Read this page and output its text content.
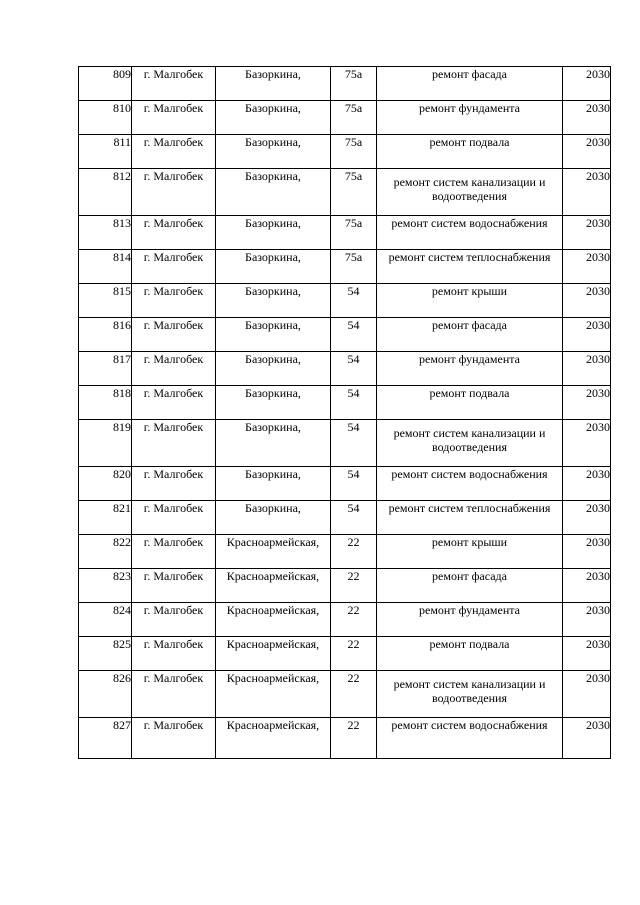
809	г. Малгобек	Базоркина,	75а	ремонт фасада	2030
810	г. Малгобек	Базоркина,	75а	ремонт фундамента	2030
811	г. Малгобек	Базоркина,	75а	ремонт подвала	2030
812	г. Малгобек	Базоркина,	75а	ремонт систем канализации и водоотведения	2030
813	г. Малгобек	Базоркина,	75а	ремонт систем водоснабжения	2030
814	г. Малгобек	Базоркина,	75а	ремонт систем теплоснабжения	2030
815	г. Малгобек	Базоркина,	54	ремонт крыши	2030
816	г. Малгобек	Базоркина,	54	ремонт фасада	2030
817	г. Малгобек	Базоркина,	54	ремонт фундамента	2030
818	г. Малгобек	Базоркина,	54	ремонт подвала	2030
819	г. Малгобек	Базоркина,	54	ремонт систем канализации и водоотведения	2030
820	г. Малгобек	Базоркина,	54	ремонт систем водоснабжения	2030
821	г. Малгобек	Базоркина,	54	ремонт систем теплоснабжения	2030
822	г. Малгобек	Красноармейская,	22	ремонт крыши	2030
823	г. Малгобек	Красноармейская,	22	ремонт фасада	2030
824	г. Малгобек	Красноармейская,	22	ремонт фундамента	2030
825	г. Малгобек	Красноармейская,	22	ремонт подвала	2030
826	г. Малгобек	Красноармейская,	22	ремонт систем канализации и водоотведения	2030
827	г. Малгобек	Красноармейская,	22	ремонт систем водоснабжения	2030
